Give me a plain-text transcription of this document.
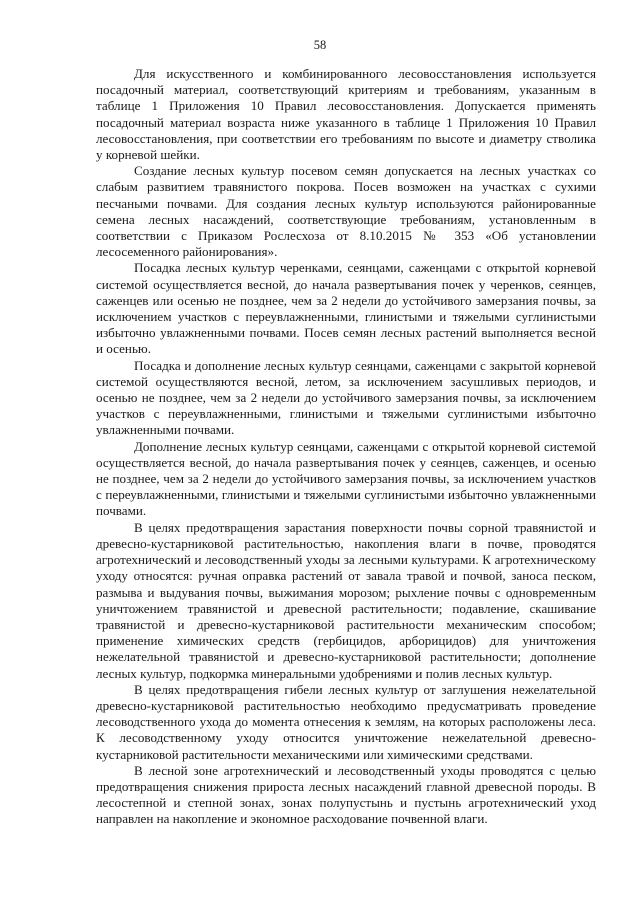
58

Для искусственного и комбинированного лесовосстановления используется посадочный материал, соответствующий критериям и требованиям, указанным в таблице 1 Приложения 10 Правил лесовосстановления. Допускается применять посадочный материал возраста ниже указанного в таблице 1 Приложения 10 Правил лесовосстановления, при соответствии его требованиям по высоте и диаметру стволика у корневой шейки.

Создание лесных культур посевом семян допускается на лесных участках со слабым развитием травянистого покрова. Посев возможен на участках с сухими песчаными почвами. Для создания лесных культур используются районированные семена лесных насаждений, соответствующие требованиям, установленным в соответствии с Приказом Рослесхоза от 8.10.2015 № 353 «Об установлении лесосеменного районирования».

Посадка лесных культур черенками, сеянцами, саженцами с открытой корневой системой осуществляется весной, до начала развертывания почек у черенков, сеянцев, саженцев или осенью не позднее, чем за 2 недели до устойчивого замерзания почвы, за исключением участков с переувлажненными, глинистыми и тяжелыми суглинистыми избыточно увлажненными почвами. Посев семян лесных растений выполняется весной и осенью.

Посадка и дополнение лесных культур сеянцами, саженцами с закрытой корневой системой осуществляются весной, летом, за исключением засушливых периодов, и осенью не позднее, чем за 2 недели до устойчивого замерзания почвы, за исключением участков с переувлажненными, глинистыми и тяжелыми суглинистыми избыточно увлажненными почвами.

Дополнение лесных культур сеянцами, саженцами с открытой корневой системой осуществляется весной, до начала развертывания почек у сеянцев, саженцев, и осенью не позднее, чем за 2 недели до устойчивого замерзания почвы, за исключением участков с переувлажненными, глинистыми и тяжелыми суглинистыми избыточно увлажненными почвами.

В целях предотвращения зарастания поверхности почвы сорной травянистой и древесно-кустарниковой растительностью, накопления влаги в почве, проводятся агротехнический и лесоводственный уходы за лесными культурами. К агротехническому уходу относятся: ручная оправка растений от завала травой и почвой, заноса песком, размыва и выдувания почвы, выжимания морозом; рыхление почвы с одновременным уничтожением травянистой и древесной растительности; подавление, скашивание травянистой и древесно-кустарниковой растительности механическим способом; применение химических средств (гербицидов, арборицидов) для уничтожения нежелательной травянистой и древесно-кустарниковой растительности; дополнение лесных культур, подкормка минеральными удобрениями и полив лесных культур.

В целях предотвращения гибели лесных культур от заглушения нежелательной древесно-кустарниковой растительностью необходимо предусматривать проведение лесоводственного ухода до момента отнесения к землям, на которых расположены леса. К лесоводственному уходу относится уничтожение нежелательной древесно-кустарниковой растительности механическими или химическими средствами.

В лесной зоне агротехнический и лесоводственный уходы проводятся с целью предотвращения снижения прироста лесных насаждений главной древесной породы. В лесостепной и степной зонах, зонах полупустынь и пустынь агротехнический уход направлен на накопление и экономное расходование почвенной влаги.
